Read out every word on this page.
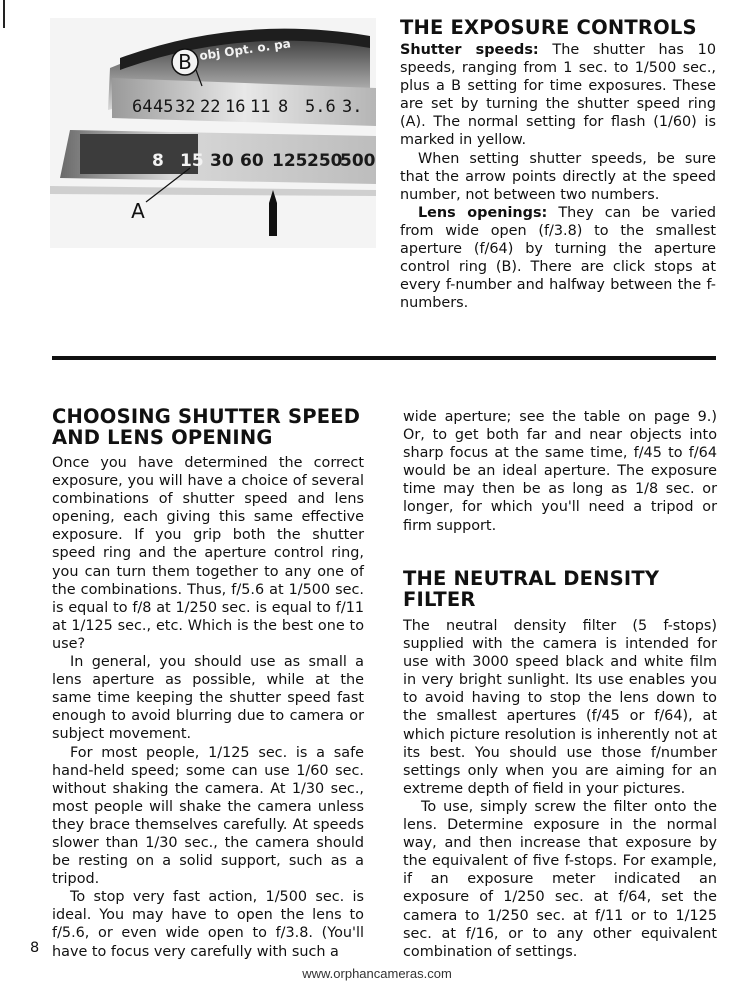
obj Opt. o. pa
64 45 32 22 16 11 8 5.6 3.
8 15 30 60 125 250
500
B
A
THE EXPOSURE CONTROLS

Shutter speeds: The shutter has 10 speeds, ranging from 1 sec. to 1/500 sec., plus a B setting for time exposures. These are set by turning the shutter speed ring (A). The normal setting for flash (1/60) is marked in yellow.

When setting shutter speeds, be sure that the arrow points directly at the speed number, not between two numbers.

Lens openings: They can be varied from wide open (f/3.8) to the smallest aperture (f/64) by turning the aperture control ring (B). There are click stops at every f-number and halfway between the f-numbers.

CHOOSING SHUTTER SPEED
AND LENS OPENING

Once you have determined the correct exposure, you will have a choice of several combinations of shutter speed and lens opening, each giving this same effective exposure. If you grip both the shutter speed ring and the aperture control ring, you can turn them together to any one of the combinations. Thus, f/5.6 at 1/500 sec. is equal to f/8 at 1/250 sec. is equal to f/11 at 1/125 sec., etc. Which is the best one to use?

In general, you should use as small a lens aperture as possible, while at the same time keeping the shutter speed fast enough to avoid blurring due to camera or subject movement.

For most people, 1/125 sec. is a safe hand-held speed; some can use 1/60 sec. without shaking the camera. At 1/30 sec., most people will shake the camera unless they brace themselves carefully. At speeds slower than 1/30 sec., the camera should be resting on a solid support, such as a tripod.

To stop very fast action, 1/500 sec. is ideal. You may have to open the lens to f/5.6, or even wide open to f/3.8. (You'll have to focus very carefully with such a

wide aperture; see the table on page 9.) Or, to get both far and near objects into sharp focus at the same time, f/45 to f/64 would be an ideal aperture. The exposure time may then be as long as 1/8 sec. or longer, for which you'll need a tripod or firm support.

THE NEUTRAL DENSITY FILTER

The neutral density filter (5 f-stops) supplied with the camera is intended for use with 3000 speed black and white film in very bright sunlight. Its use enables you to avoid having to stop the lens down to the smallest apertures (f/45 or f/64), at which picture resolution is inherently not at its best. You should use those f/number settings only when you are aiming for an extreme depth of field in your pictures.

To use, simply screw the filter onto the lens. Determine exposure in the normal way, and then increase that exposure by the equivalent of five f-stops. For example, if an exposure meter indicated an exposure of 1/250 sec. at f/64, set the camera to 1/250 sec. at f/11 or to 1/125 sec. at f/16, or to any other equivalent combination of settings.

8
www.orphancameras.com
